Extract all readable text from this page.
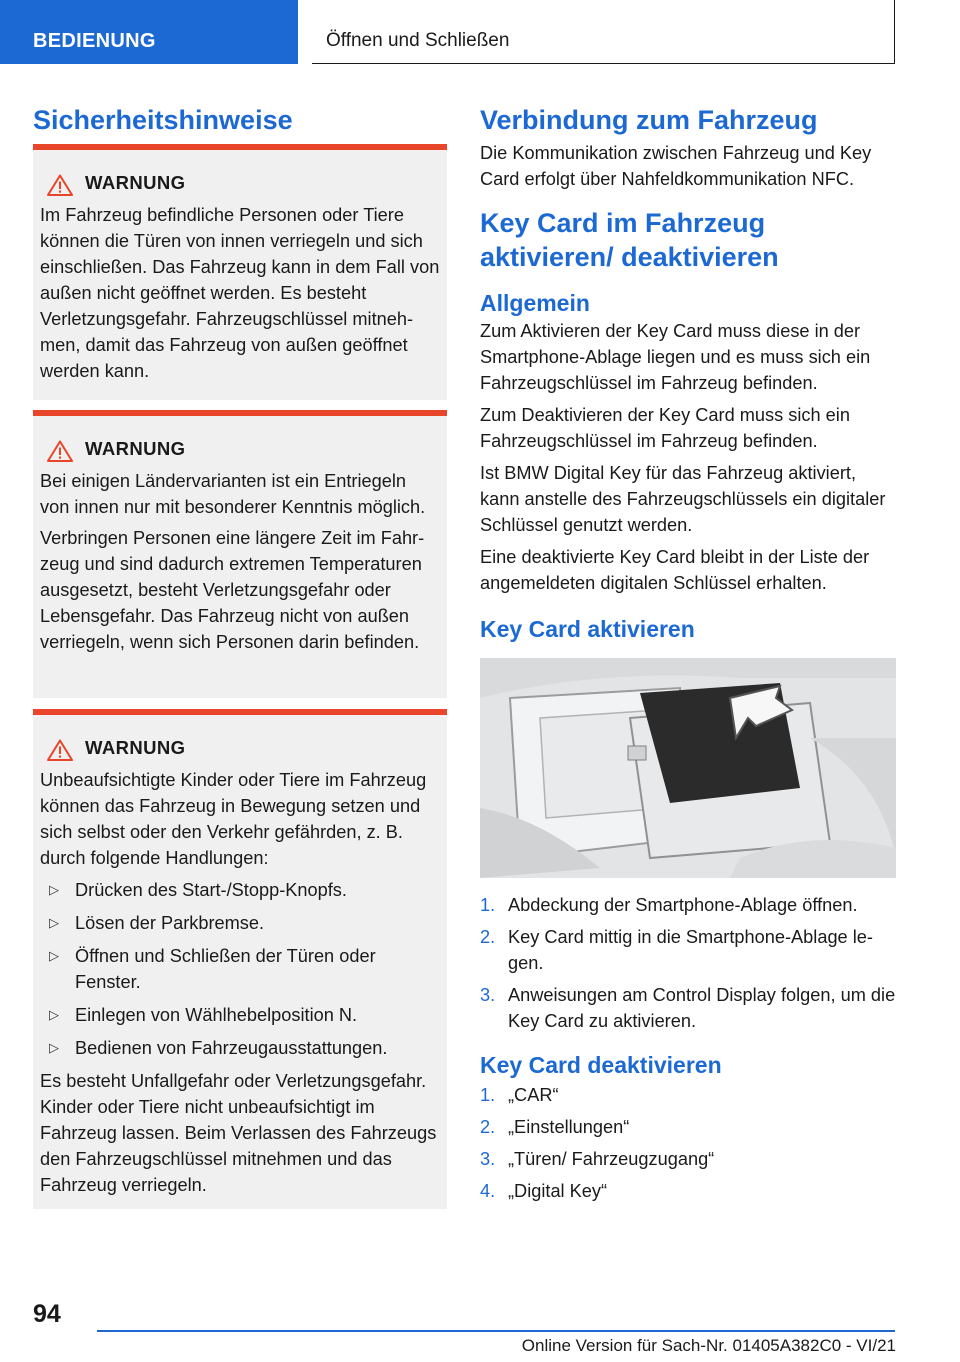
BEDIENUNG	Öffnen und Schließen
Sicherheitshinweise
WARNUNG

Im Fahrzeug befindliche Personen oder Tiere können die Türen von innen verriegeln und sich einschließen. Das Fahrzeug kann in dem Fall von außen nicht geöffnet werden. Es besteht Verletzungsgefahr. Fahrzeugschlüssel mitnehmen, damit das Fahrzeug von außen geöffnet werden kann.

WARNUNG

Bei einigen Ländervarianten ist ein Entriegeln von innen nur mit besonderer Kenntnis möglich.

Verbringen Personen eine längere Zeit im Fahrzeug und sind dadurch extremen Temperaturen ausgesetzt, besteht Verletzungsgefahr oder Lebensgefahr. Das Fahrzeug nicht von außen verriegeln, wenn sich Personen darin befinden.

WARNUNG

Unbeaufsichtigte Kinder oder Tiere im Fahrzeug können das Fahrzeug in Bewegung setzen und sich selbst oder den Verkehr gefährden, z. B. durch folgende Handlungen:

▷ Drücken des Start-/Stopp-Knopfs.
▷ Lösen der Parkbremse.
▷ Öffnen und Schließen der Türen oder Fenster.
▷ Einlegen von Wählhebelposition N.
▷ Bedienen von Fahrzeugausstattungen.

Es besteht Unfallgefahr oder Verletzungsgefahr. Kinder oder Tiere nicht unbeaufsichtigt im Fahrzeug lassen. Beim Verlassen des Fahrzeugs den Fahrzeugschlüssel mitnehmen und das Fahrzeug verriegeln.

Verbindung zum Fahrzeug

Die Kommunikation zwischen Fahrzeug und Key Card erfolgt über Nahfeldkommunikation NFC.

Key Card im Fahrzeug aktivieren/ deaktivieren
Allgemein

Zum Aktivieren der Key Card muss diese in der Smartphone-Ablage liegen und es muss sich ein Fahrzeugschlüssel im Fahrzeug befinden.

Zum Deaktivieren der Key Card muss sich ein Fahrzeugschlüssel im Fahrzeug befinden.

Ist BMW Digital Key für das Fahrzeug aktiviert, kann anstelle des Fahrzeugschlüssels ein digitaler Schlüssel genutzt werden.

Eine deaktivierte Key Card bleibt in der Liste der angemeldeten digitalen Schlüssel erhalten.

Key Card aktivieren
1. Abdeckung der Smartphone-Ablage öffnen.
2. Key Card mittig in die Smartphone-Ablage legen.
3. Anweisungen am Control Display folgen, um die Key Card zu aktivieren.
Key Card deaktivieren
1. „CAR“
2. „Einstellungen“
3. „Türen/ Fahrzeugzugang“
4. „Digital Key“
94
Online Version für Sach-Nr. 01405A382C0 - VI/21
